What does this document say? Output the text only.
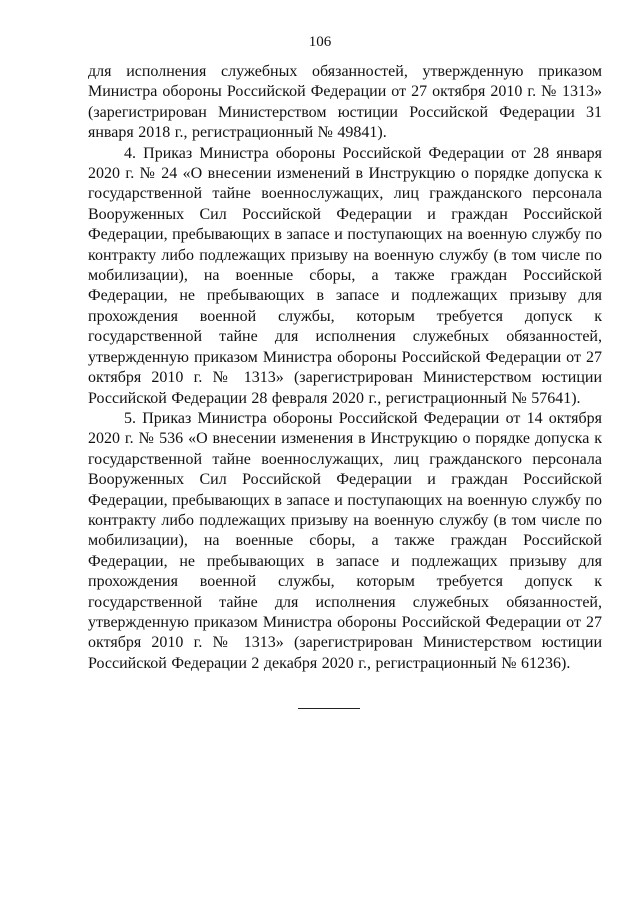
106

для исполнения служебных обязанностей, утвержденную приказом Министра обороны Российской Федерации от 27 октября 2010 г. № 1313» (зарегистрирован Министерством юстиции Российской Федерации 31 января 2018 г., регистрационный № 49841).

4. Приказ Министра обороны Российской Федерации от 28 января 2020 г. № 24 «О внесении изменений в Инструкцию о порядке допуска к государственной тайне военнослужащих, лиц гражданского персонала Вооруженных Сил Российской Федерации и граждан Российской Федерации, пребывающих в запасе и поступающих на военную службу по контракту либо подлежащих призыву на военную службу (в том числе по мобилизации), на военные сборы, а также граждан Российской Федерации, не пребывающих в запасе и подлежащих призыву для прохождения военной службы, которым требуется допуск к государственной тайне для исполнения служебных обязанностей, утвержденную приказом Министра обороны Российской Федерации от 27 октября 2010 г. № 1313» (зарегистрирован Министерством юстиции Российской Федерации 28 февраля 2020 г., регистрационный № 57641).

5. Приказ Министра обороны Российской Федерации от 14 октября 2020 г. № 536 «О внесении изменения в Инструкцию о порядке допуска к государственной тайне военнослужащих, лиц гражданского персонала Вооруженных Сил Российской Федерации и граждан Российской Федерации, пребывающих в запасе и поступающих на военную службу по контракту либо подлежащих призыву на военную службу (в том числе по мобилизации), на военные сборы, а также граждан Российской Федерации, не пребывающих в запасе и подлежащих призыву для прохождения военной службы, которым требуется допуск к государственной тайне для исполнения служебных обязанностей, утвержденную приказом Министра обороны Российской Федерации от 27 октября 2010 г. № 1313» (зарегистрирован Министерством юстиции Российской Федерации 2 декабря 2020 г., регистрационный № 61236).
